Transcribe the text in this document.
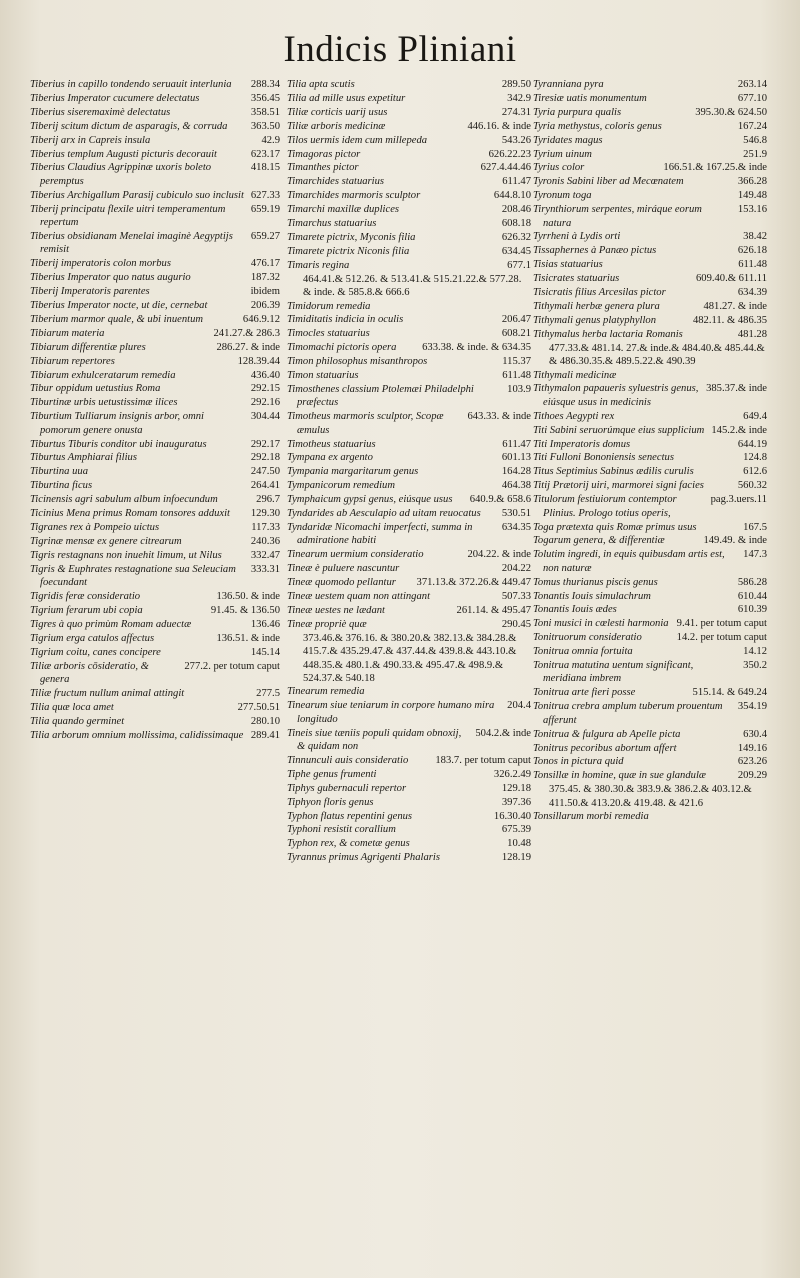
Indicis Pliniani
288.34
Tiberius in capillo tondendo seruauit interlunia
356.45
Tiberius Imperator cucumere delectatus
358.51
Tiberius siseremaximè delectatus
363.50
Tiberij scitum dictum de asparagis, & corruda
42.9
Tiberij arx in Capreis insula
623.17
Tiberius templum Augusti picturis decorauit
418.15
Tiberius Claudius Agrippinæ uxoris boleto peremptus
627.33
Tiberius Archigallum Parasij cubiculo suo inclusit
659.19
Tiberij principatu flexile uitri temperamentum repertum
659.27
Tiberius obsidianam Menelai imaginè Aegyptijs remisit
476.17
Tiberij imperatoris colon morbus
187.32
Tiberius Imperator quo natus augurio
ibidem
Tiberij Imperatoris parentes
206.39
Tiberius Imperator nocte, ut die, cernebat
646.9.12
Tiberium marmor quale, & ubi inuentum
241.27.& 286.3
Tibiarum materia
286.27. & inde
Tibiarum differentiæ plures
128.39.44
Tibiarum repertores
436.40
Tibiarum exhulceratarum remedia
292.15
Tibur oppidum uetustius Roma
292.16
Tiburtinæ urbis uetustissimæ ilices
304.44
Tiburtium Tulliarum insignis arbor, omni pomorum genere onusta
292.17
Tiburtus Tiburis conditor ubi inauguratus
292.18
Tiburtus Amphiarai filius
247.50
Tiburtina uua
264.41
Tiburtina ficus
296.7
Ticinensis agri sabulum album infoecundum
129.30
Ticinius Mena primus Romam tonsores adduxit
117.33
Tigranes rex à Pompeio uictus
240.36
Tigrinæ mensæ ex genere citrearum
332.47
Tigris restagnans non inuehit limum, ut Nilus
333.31
Tigris & Euphrates restagnatione sua Seleuciam foecundant
136.50. & inde
Tigridis feræ consideratio
91.45. & 136.50
Tigrium ferarum ubi copia
136.46
Tigres à quo primùm Romam aduectæ
136.51. & inde
Tigrium erga catulos affectus
145.14
Tigrium coitu, canes concipere
277.2. per totum caput
Tiliæ arboris cōsideratio, & genera
277.5
Tiliæ fructum nullum animal attingit
277.50.51
Tilia quæ loca amet
280.10
Tilia quando germinet
289.41
Tilia arborum omnium mollissima, calidissimaque
289.50
Tilia apta scutis
342.9
Tilia ad mille usus expetitur
274.31
Tiliæ corticis uarij usus
446.16. & inde
Tiliæ arboris medicinæ
543.26
Tilos uermis idem cum millepeda
626.22.23
Timagoras pictor
627.4.44.46
Timanthes pictor
611.47
Timarchides statuarius
644.8.10
Timarchides marmoris sculptor
208.46
Timarchi maxillæ duplices
608.18
Timarchus statuarius
626.32
Timarete pictrix, Myconis filia
634.45
Timarete pictrix Niconis filia
677.1
Timaris regina
464.41.& 512.26. & 513.41.& 515.21.22.& 577.28. & inde. & 585.8.& 666.6
Timidorum remedia
206.47
Timiditatis indicia in oculis
608.21
Timocles statuarius
633.38. & inde. & 634.35
Timomachi pictoris opera
115.37
Timon philosophus misanthropos
611.48
Timon statuarius
103.9
Timosthenes classium Ptolemæi Philadelphi præfectus
643.33. & inde
Timotheus marmoris sculptor, Scopæ æmulus
611.47
Timotheus statuarius
601.13
Tympana ex argento
164.28
Tympania margaritarum genus
464.38
Tympanicorum remedium
640.9.& 658.6
Tymphaicum gypsi genus, eiúsque usus
530.51
Tyndarides ab Aesculapio ad uitam reuocatus
634.35
Tyndaridæ Nicomachi imperfecti, summa in admiratione habiti
204.22. & inde
Tinearum uermium consideratio
204.22
Tineæ è puluere nascuntur
371.13.& 372.26.& 449.47
Tineæ quomodo pellantur
507.33
Tineæ uestem quam non attingant
261.14. & 495.47
Tineæ uestes ne lædant
290.45
Tineæ propriè quæ
373.46.& 376.16. & 380.20.& 382.13.& 384.28.& 415.7.& 435.29.47.& 437.44.& 439.8.& 443.10.& 448.35.& 480.1.& 490.33.& 495.47.& 498.9.& 524.37.& 540.18
Tinearum remedia
204.4
Tinearum siue teniarum in corpore humano mira longitudo
504.2.& inde
Tineis siue tæniis populi quidam obnoxij, & quidam non
183.7. per totum caput
Tinnunculi auis consideratio
326.2.49
Tiphe genus frumenti
129.18
Tiphys gubernaculi repertor
397.36
Tiphyon floris genus
16.30.40
Typhon flatus repentini genus
675.39
Typhoni resistit corallium
10.48
Typhon rex, & cometæ genus
128.19
Tyrannus primus Agrigenti Phalaris
263.14
Tyranniana pyra
677.10
Tiresiæ uatis monumentum
395.30.& 624.50
Tyria purpura qualis
167.24
Tyria methystus, coloris genus
546.8
Tyridates magus
251.9
Tyrium uinum
166.51.& 167.25.& inde
Tyrius color
366.28
Tyronis Sabini liber ad Mecœnatem
149.48
Tyronum toga
153.16
Tirynthiorum serpentes, miráque eorum natura
38.42
Tyrrheni à Lydis orti
626.18
Tissaphernes à Panæo pictus
611.48
Tisias statuarius
609.40.& 611.11
Tisicrates statuarius
634.39
Tisicratis filius Arcesilas pictor
481.27. & inde
Tithymali herbæ genera plura
482.11. & 486.35
Tithymali genus platyphyllon
481.28
Tithymalus herba lactaria Romanis
477.33.& 481.14. 27.& inde.& 484.40.& 485.44.& & 486.30.35.& 489.5.22.& 490.39
Tithymali medicinæ
385.37.& inde
Tithymalon papaueris syluestris genus, eiúsque usus in medicinis
649.4
Tithoes Aegypti rex
145.2.& inde
Titi Sabini seruorúmque eius supplicium
644.19
Titi Imperatoris domus
124.8
Titi Fulloni Bononiensis senectus
612.6
Titus Septimius Sabinus ædilis curulis
560.32
Titij Prætorij uiri, marmorei signi facies
pag.3.uers.11
Titulorum festiuiorum contemptor Plinius. Prologo totius operis,
167.5
Toga prætexta quis Romæ primus usus
149.49. & inde
Togarum genera, & differentiæ
147.3
Tolutim ingredi, in equis quibusdam artis est, non naturæ
586.28
Tomus thurianus piscis genus
610.44
Tonantis Iouis simulachrum
610.39
Tonantis Iouis ædes
9.41. per totum caput
Toni musici in cœlesti harmonia
14.2. per totum caput
Tonitruorum consideratio
14.12
Tonitrua omnia fortuita
350.2
Tonitrua matutina uentum significant, meridiana imbrem
515.14. & 649.24
Tonitrua arte fieri posse
354.19
Tonitrua crebra amplum tuberum prouentum afferunt
630.4
Tonitrua & fulgura ab Apelle picta
149.16
Tonitrus pecoribus abortum affert
623.26
Tonos in pictura quid
209.29
Tonsillæ in homine, quæ in sue glandulæ
375.45. & 380.30.& 383.9.& 386.2.& 403.12.& 411.50.& 413.20.& 419.48. & 421.6
Tonsillarum morbi remedia
